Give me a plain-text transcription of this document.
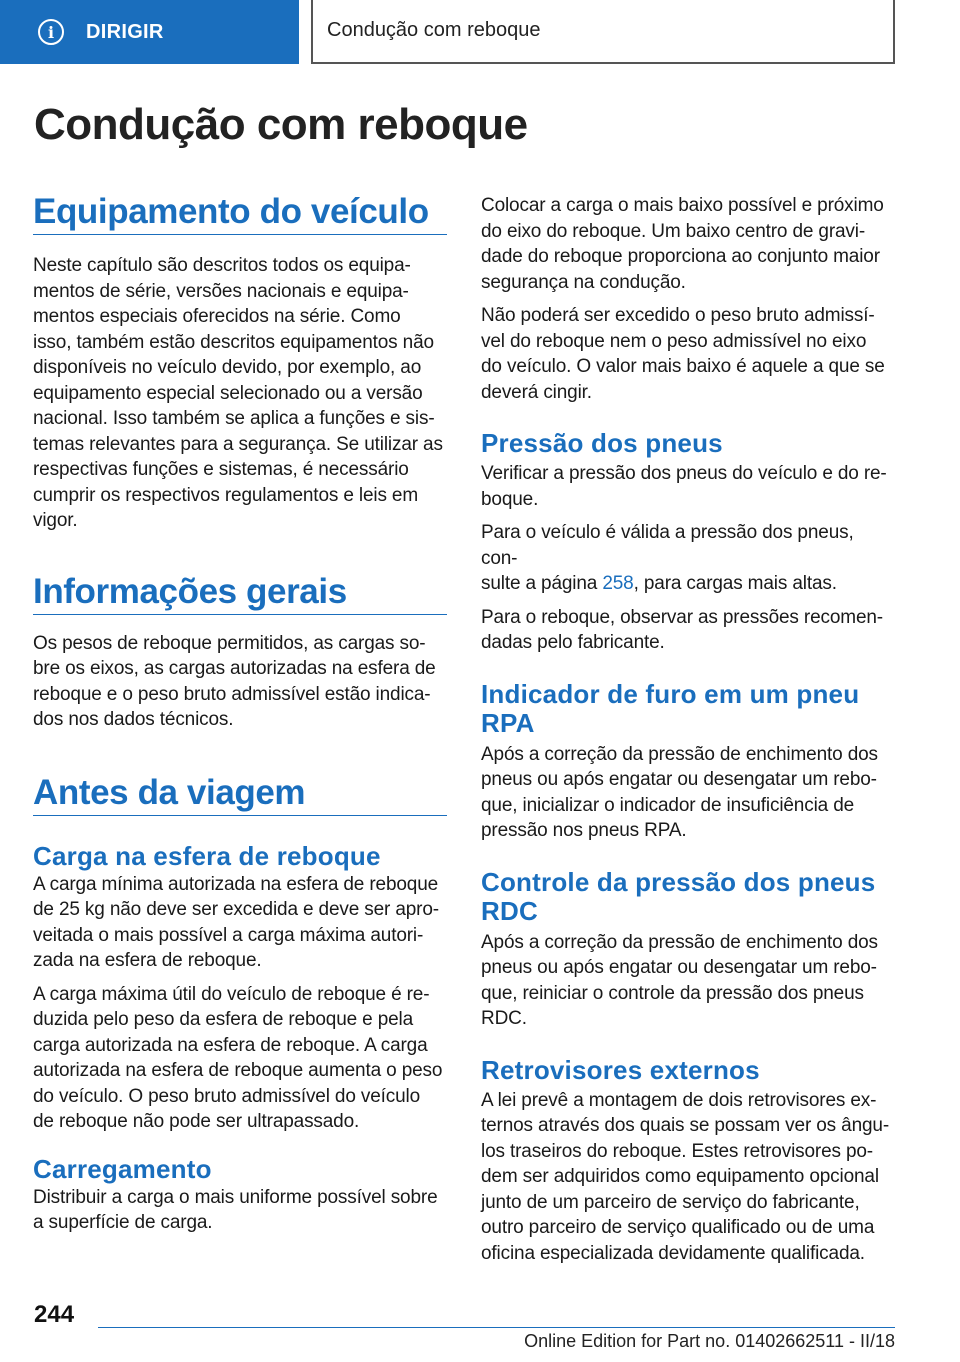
i	DIRIGIR	Condução com reboque
Condução com reboque
Equipamento do veículo

Neste capítulo são descritos todos os equipa-
mentos de série, versões nacionais e equipa-
mentos especiais oferecidos na série. Como
isso, também estão descritos equipamentos não
disponíveis no veículo devido, por exemplo, ao
equipamento especial selecionado ou a versão
nacional. Isso também se aplica a funções e sis-
temas relevantes para a segurança. Se utilizar as
respectivas funções e sistemas, é necessário
cumprir os respectivos regulamentos e leis em
vigor.

Informações gerais

Os pesos de reboque permitidos, as cargas so-
bre os eixos, as cargas autorizadas na esfera de
reboque e o peso bruto admissível estão indica-
dos nos dados técnicos.

Antes da viagem
Carga na esfera de reboque

A carga mínima autorizada na esfera de reboque
de 25 kg não deve ser excedida e deve ser apro-
veitada o mais possível a carga máxima autori-
zada na esfera de reboque.

A carga máxima útil do veículo de reboque é re-
duzida pelo peso da esfera de reboque e pela
carga autorizada na esfera de reboque. A carga
autorizada na esfera de reboque aumenta o peso
do veículo. O peso bruto admissível do veículo
de reboque não pode ser ultrapassado.

Carregamento

Distribuir a carga o mais uniforme possível sobre
a superfície de carga.

Colocar a carga o mais baixo possível e próximo
do eixo do reboque. Um baixo centro de gravi-
dade do reboque proporciona ao conjunto maior
segurança na condução.

Não poderá ser excedido o peso bruto admissí-
vel do reboque nem o peso admissível no eixo
do veículo. O valor mais baixo é aquele a que se
deverá cingir.

Pressão dos pneus

Verificar a pressão dos pneus do veículo e do re-
boque.

Para o veículo é válida a pressão dos pneus, con-
sulte a página 258, para cargas mais altas.

Para o reboque, observar as pressões recomen-
dadas pelo fabricante.

Indicador de furo em um pneu
RPA

Após a correção da pressão de enchimento dos
pneus ou após engatar ou desengatar um rebo-
que, inicializar o indicador de insuficiência de
pressão nos pneus RPA.

Controle da pressão dos pneus
RDC

Após a correção da pressão de enchimento dos
pneus ou após engatar ou desengatar um rebo-
que, reiniciar o controle da pressão dos pneus
RDC.

Retrovisores externos

A lei prevê a montagem de dois retrovisores ex-
ternos através dos quais se possam ver os ângu-
los traseiros do reboque. Estes retrovisores po-
dem ser adquiridos como equipamento opcional
junto de um parceiro de serviço do fabricante,
outro parceiro de serviço qualificado ou de uma
oficina especializada devidamente qualificada.

244
Online Edition for Part no. 01402662511 - II/18
